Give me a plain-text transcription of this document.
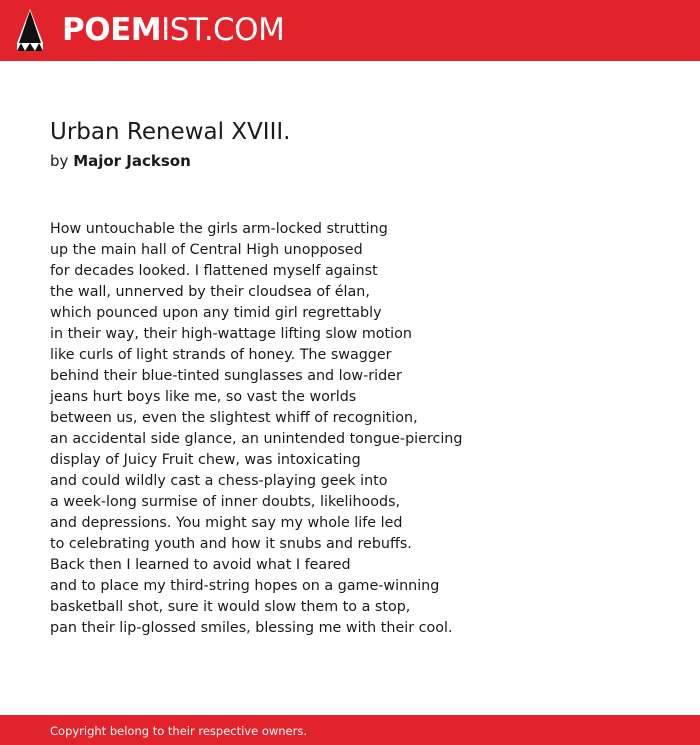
POEMIST.COM
Urban Renewal XVIII.

by Major Jackson

How untouchable the girls arm-locked strutting
up the main hall of Central High unopposed
for decades looked. I flattened myself against
the wall, unnerved by their cloudsea of élan,
which pounced upon any timid girl regrettably
in their way, their high-wattage lifting slow motion
like curls of light strands of honey. The swagger
behind their blue-tinted sunglasses and low-rider
jeans hurt boys like me, so vast the worlds
between us, even the slightest whiff of recognition,
an accidental side glance, an unintended tongue-piercing
display of Juicy Fruit chew, was intoxicating
and could wildly cast a chess-playing geek into
a week-long surmise of inner doubts, likelihoods,
and depressions. You might say my whole life led
to celebrating youth and how it snubs and rebuffs.
Back then I learned to avoid what I feared
and to place my third-string hopes on a game-winning
basketball shot, sure it would slow them to a stop,
pan their lip-glossed smiles, blessing me with their cool.
Copyright belong to their respective owners.
